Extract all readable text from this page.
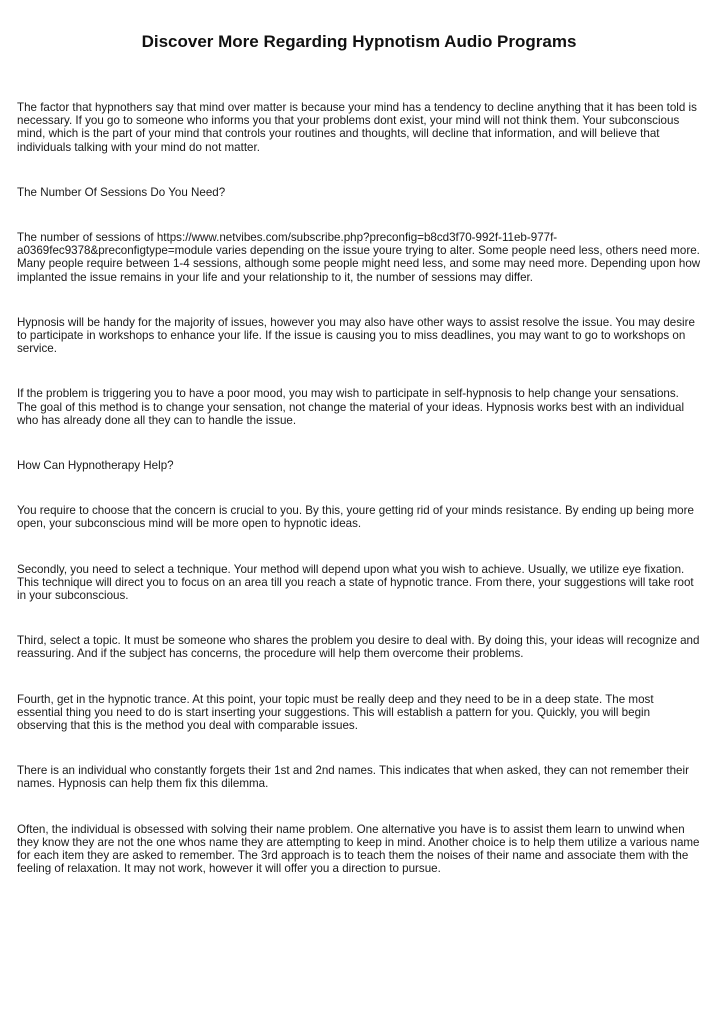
Discover More Regarding Hypnotism Audio Programs

The factor that hypnothers say that mind over matter is because your mind has a tendency to decline anything that it has been told is necessary. If you go to someone who informs you that your problems dont exist, your mind will not think them. Your subconscious mind, which is the part of your mind that controls your routines and thoughts, will decline that information, and will believe that individuals talking with your mind do not matter.

The Number Of Sessions Do You Need?

The number of sessions of https://www.netvibes.com/subscribe.php?preconfig=b8cd3f70-992f-11eb-977f-a0369fec9378&preconfigtype=module varies depending on the issue youre trying to alter. Some people need less, others need more. Many people require between 1-4 sessions, although some people might need less, and some may need more. Depending upon how implanted the issue remains in your life and your relationship to it, the number of sessions may differ.

Hypnosis will be handy for the majority of issues, however you may also have other ways to assist resolve the issue. You may desire to participate in workshops to enhance your life. If the issue is causing you to miss deadlines, you may want to go to workshops on service.

If the problem is triggering you to have a poor mood, you may wish to participate in self-hypnosis to help change your sensations. The goal of this method is to change your sensation, not change the material of your ideas. Hypnosis works best with an individual who has already done all they can to handle the issue.

How Can Hypnotherapy Help?

You require to choose that the concern is crucial to you. By this, youre getting rid of your minds resistance. By ending up being more open, your subconscious mind will be more open to hypnotic ideas.

Secondly, you need to select a technique. Your method will depend upon what you wish to achieve. Usually, we utilize eye fixation. This technique will direct you to focus on an area till you reach a state of hypnotic trance. From there, your suggestions will take root in your subconscious.

Third, select a topic. It must be someone who shares the problem you desire to deal with. By doing this, your ideas will recognize and reassuring. And if the subject has concerns, the procedure will help them overcome their problems.

Fourth, get in the hypnotic trance. At this point, your topic must be really deep and they need to be in a deep state. The most essential thing you need to do is start inserting your suggestions. This will establish a pattern for you. Quickly, you will begin observing that this is the method you deal with comparable issues.

There is an individual who constantly forgets their 1st and 2nd names. This indicates that when asked, they can not remember their names. Hypnosis can help them fix this dilemma.

Often, the individual is obsessed with solving their name problem. One alternative you have is to assist them learn to unwind when they know they are not the one whos name they are attempting to keep in mind. Another choice is to help them utilize a various name for each item they are asked to remember. The 3rd approach is to teach them the noises of their name and associate them with the feeling of relaxation. It may not work, however it will offer you a direction to pursue.
